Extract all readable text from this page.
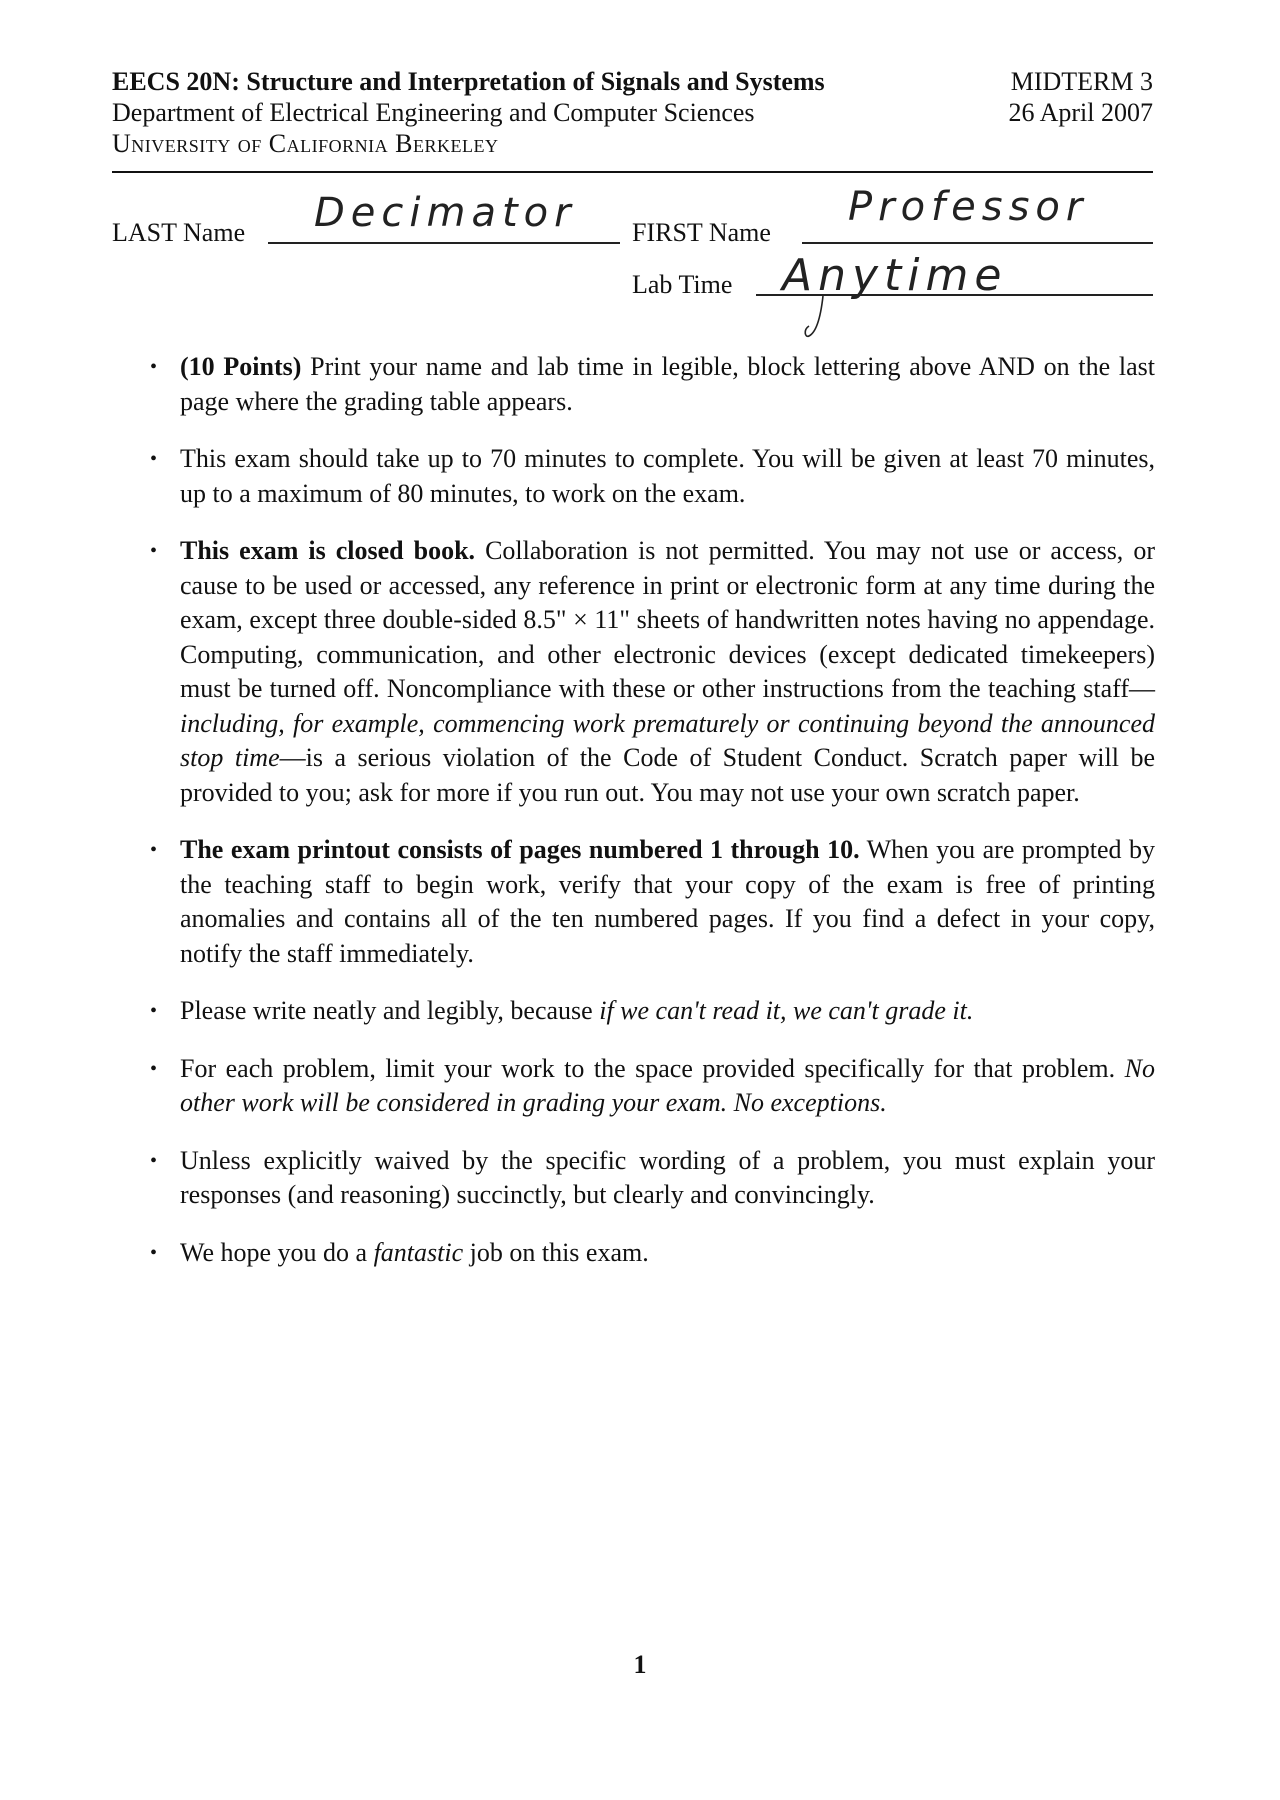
EECS 20N: Structure and Interpretation of Signals and Systems
Department of Electrical Engineering and Computer Sciences
University of California Berkeley
MIDTERM 3
26 April 2007
LAST Name Decimator FIRST Name
Professor
Lab Time Anytime
• (10 Points) Print your name and lab time in legible, block lettering above AND on the last page where the grading table appears.
• This exam should take up to 70 minutes to complete. You will be given at least 70 minutes, up to a maximum of 80 minutes, to work on the exam.
• This exam is closed book. Collaboration is not permitted. You may not use or access, or cause to be used or accessed, any reference in print or electronic form at any time during the exam, except three double-sided 8.5" × 11" sheets of handwritten notes having no appendage. Computing, communication, and other electronic devices (except dedicated timekeepers) must be turned off. Noncompliance with these or other instructions from the teaching staff—including, for example, commencing work prematurely or continuing beyond the announced stop time—is a serious violation of the Code of Student Conduct. Scratch paper will be provided to you; ask for more if you run out. You may not use your own scratch paper.
• The exam printout consists of pages numbered 1 through 10. When you are prompted by the teaching staff to begin work, verify that your copy of the exam is free of printing anomalies and contains all of the ten numbered pages. If you find a defect in your copy, notify the staff immediately.
• Please write neatly and legibly, because if we can't read it, we can't grade it.
• For each problem, limit your work to the space provided specifically for that problem. No other work will be considered in grading your exam. No exceptions.
• Unless explicitly waived by the specific wording of a problem, you must explain your responses (and reasoning) succinctly, but clearly and convincingly.
• We hope you do a fantastic job on this exam.
1
